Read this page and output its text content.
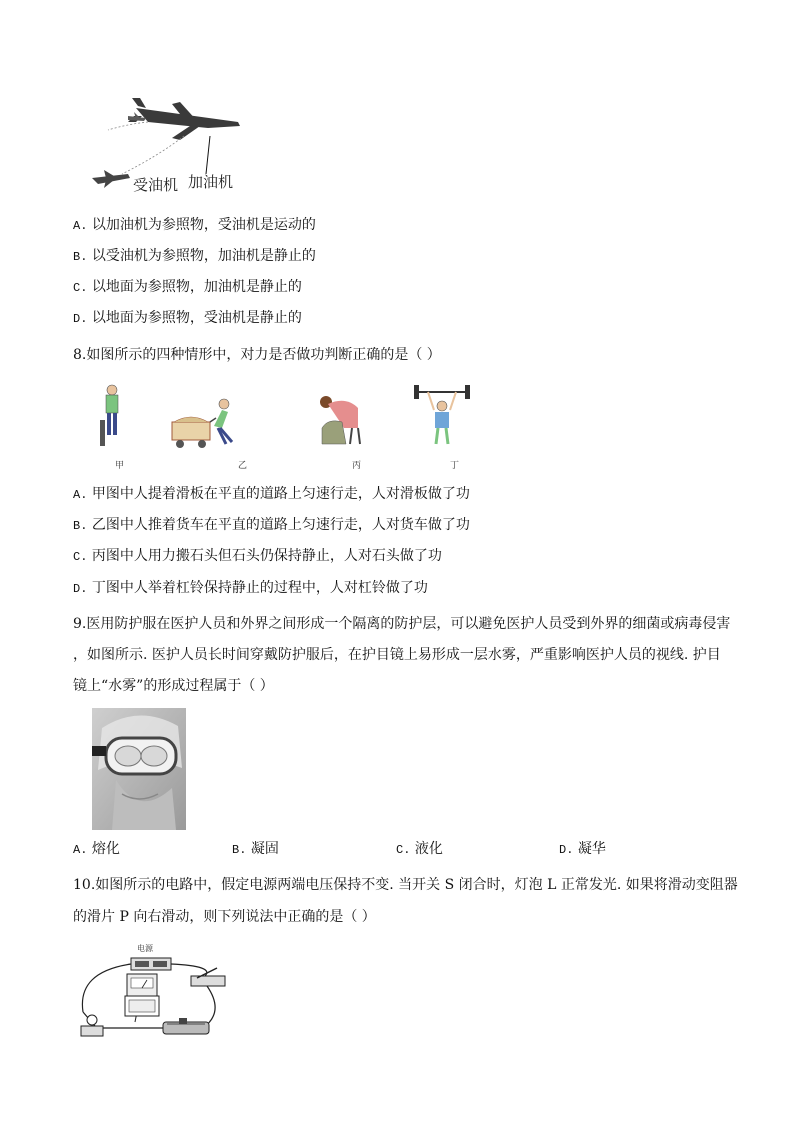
受油机 加油机
A. 以加油机为参照物，受油机是运动的
B. 以受油机为参照物，加油机是静止的
C. 以地面为参照物，加油机是静止的
D. 以地面为参照物，受油机是静止的
8.如图所示的四种情形中，对力是否做功判断正确的是（ ）
甲	乙	丙	丁
A. 甲图中人提着滑板在平直的道路上匀速行走，人对滑板做了功
B. 乙图中人推着货车在平直的道路上匀速行走，人对货车做了功
C. 丙图中人用力搬石头但石头仍保持静止，人对石头做了功
D. 丁图中人举着杠铃保持静止的过程中，人对杠铃做了功
9.医用防护服在医护人员和外界之间形成一个隔离的防护层，可以避免医护人员受到外界的细菌或病毒侵害
，如图所示. 医护人员长时间穿戴防护服后，在护目镜上易形成一层水雾，严重影响医护人员的视线. 护目
镜上“水雾”的形成过程属于（ ）
A. 熔化	B. 凝固	C. 液化	D. 凝华
10.如图所示的电路中，假定电源两端电压保持不变. 当开关 S 闭合时，灯泡 L 正常发光. 如果将滑动变阻器
的滑片 P 向右滑动，则下列说法中正确的是（ ）
电源
